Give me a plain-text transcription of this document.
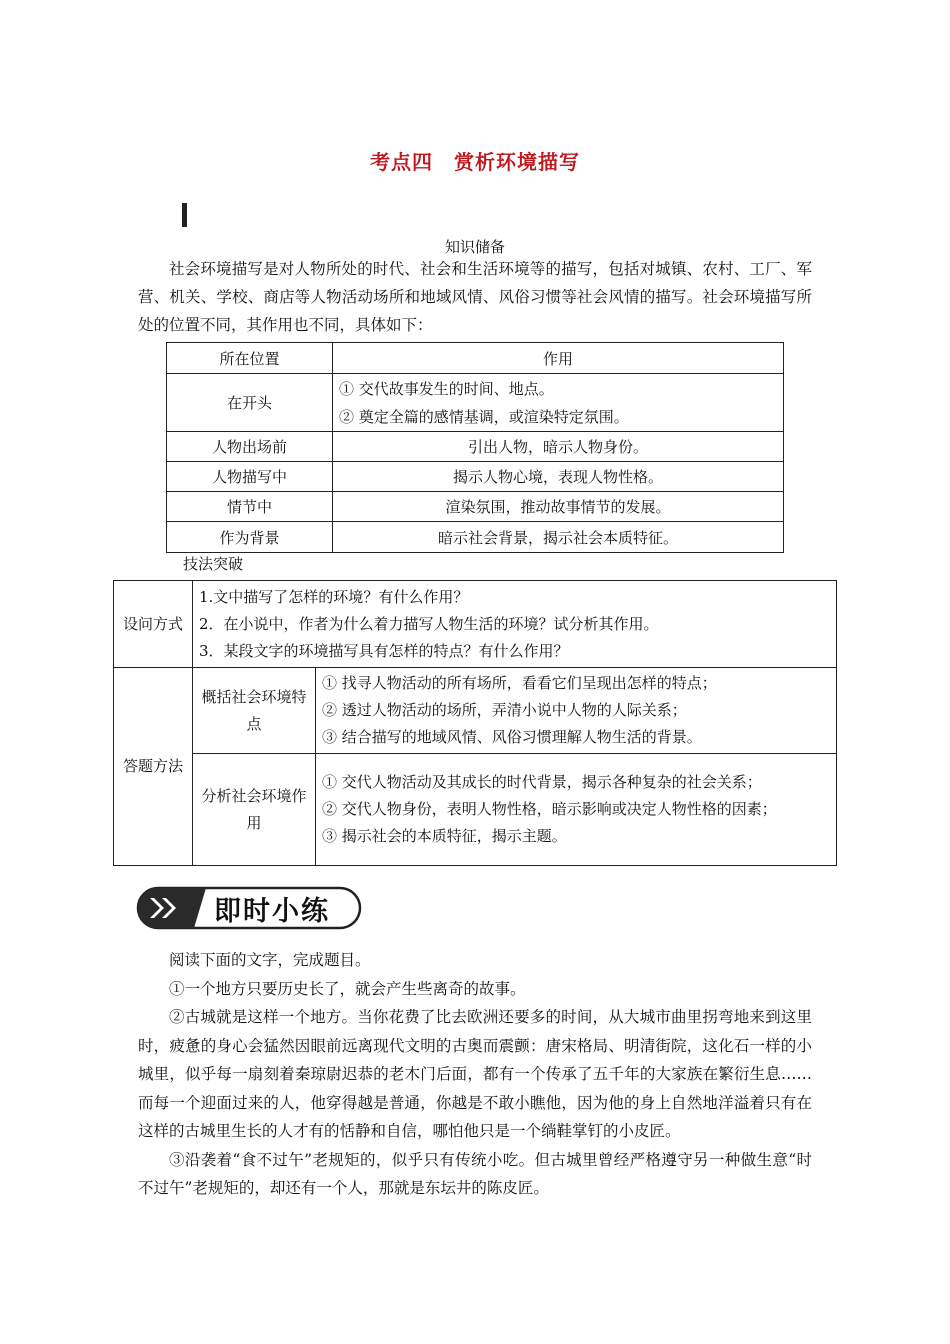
考点四　赏析环境描写
知识储备

社会环境描写是对人物所处的时代、社会和生活环境等的描写，包括对城镇、农村、工厂、军营、机关、学校、商店等人物活动场所和地域风情、风俗习惯等社会风情的描写。社会环境描写所处的位置不同，其作用也不同，具体如下：

所在位置	作用
在开头	① 交代故事发生的时间、地点。
② 奠定全篇的感情基调，或渲染特定氛围。

人物出场前	引出人物，暗示人物身份。
人物描写中	揭示人物心境，表现人物性格。
情节中	渲染氛围，推动故事情节的发展。
作为背景	暗示社会背景，揭示社会本质特征。
技法突破
设问方式	1.文中描写了怎样的环境？有什么作用？
2．在小说中，作者为什么着力描写人物生活的环境？试分析其作用。
3．某段文字的环境描写具有怎样的特点？有什么作用？	

答题方法	概括社会环境特点	① 找寻人物活动的所有场所，看看它们呈现出怎样的特点；
② 透过人物活动的场所，弄清小说中人物的人际关系；
③ 结合描写的地域风情、风俗习惯理解人物生活的背景。

	分析社会环境作用	① 交代人物活动及其成长的时代背景，揭示各种复杂的社会关系；
② 交代人物身份，表明人物性格，暗示影响或决定人物性格的因素；
③ 揭示社会的本质特征，揭示主题。
即时小练

阅读下面的文字，完成题目。

①一个地方只要历史长了，就会产生些离奇的故事。

②古城就是这样一个地方。当你花费了比去欧洲还要多的时间，从大城市曲里拐弯地来到这里时，疲惫的身心会猛然因眼前远离现代文明的古奥而震颤：唐宋格局、明清街院，这化石一样的小城里，似乎每一扇刻着秦琼尉迟恭的老木门后面，都有一个传承了五千年的大家族在繁衍生息……而每一个迎面过来的人，他穿得越是普通，你越是不敢小瞧他，因为他的身上自然地洋溢着只有在这样的古城里生长的人才有的恬静和自信，哪怕他只是一个绱鞋掌钉的小皮匠。

③沿袭着“食不过午”老规矩的，似乎只有传统小吃。但古城里曾经严格遵守另一种做生意“时不过午”老规矩的，却还有一个人，那就是东坛井的陈皮匠。
